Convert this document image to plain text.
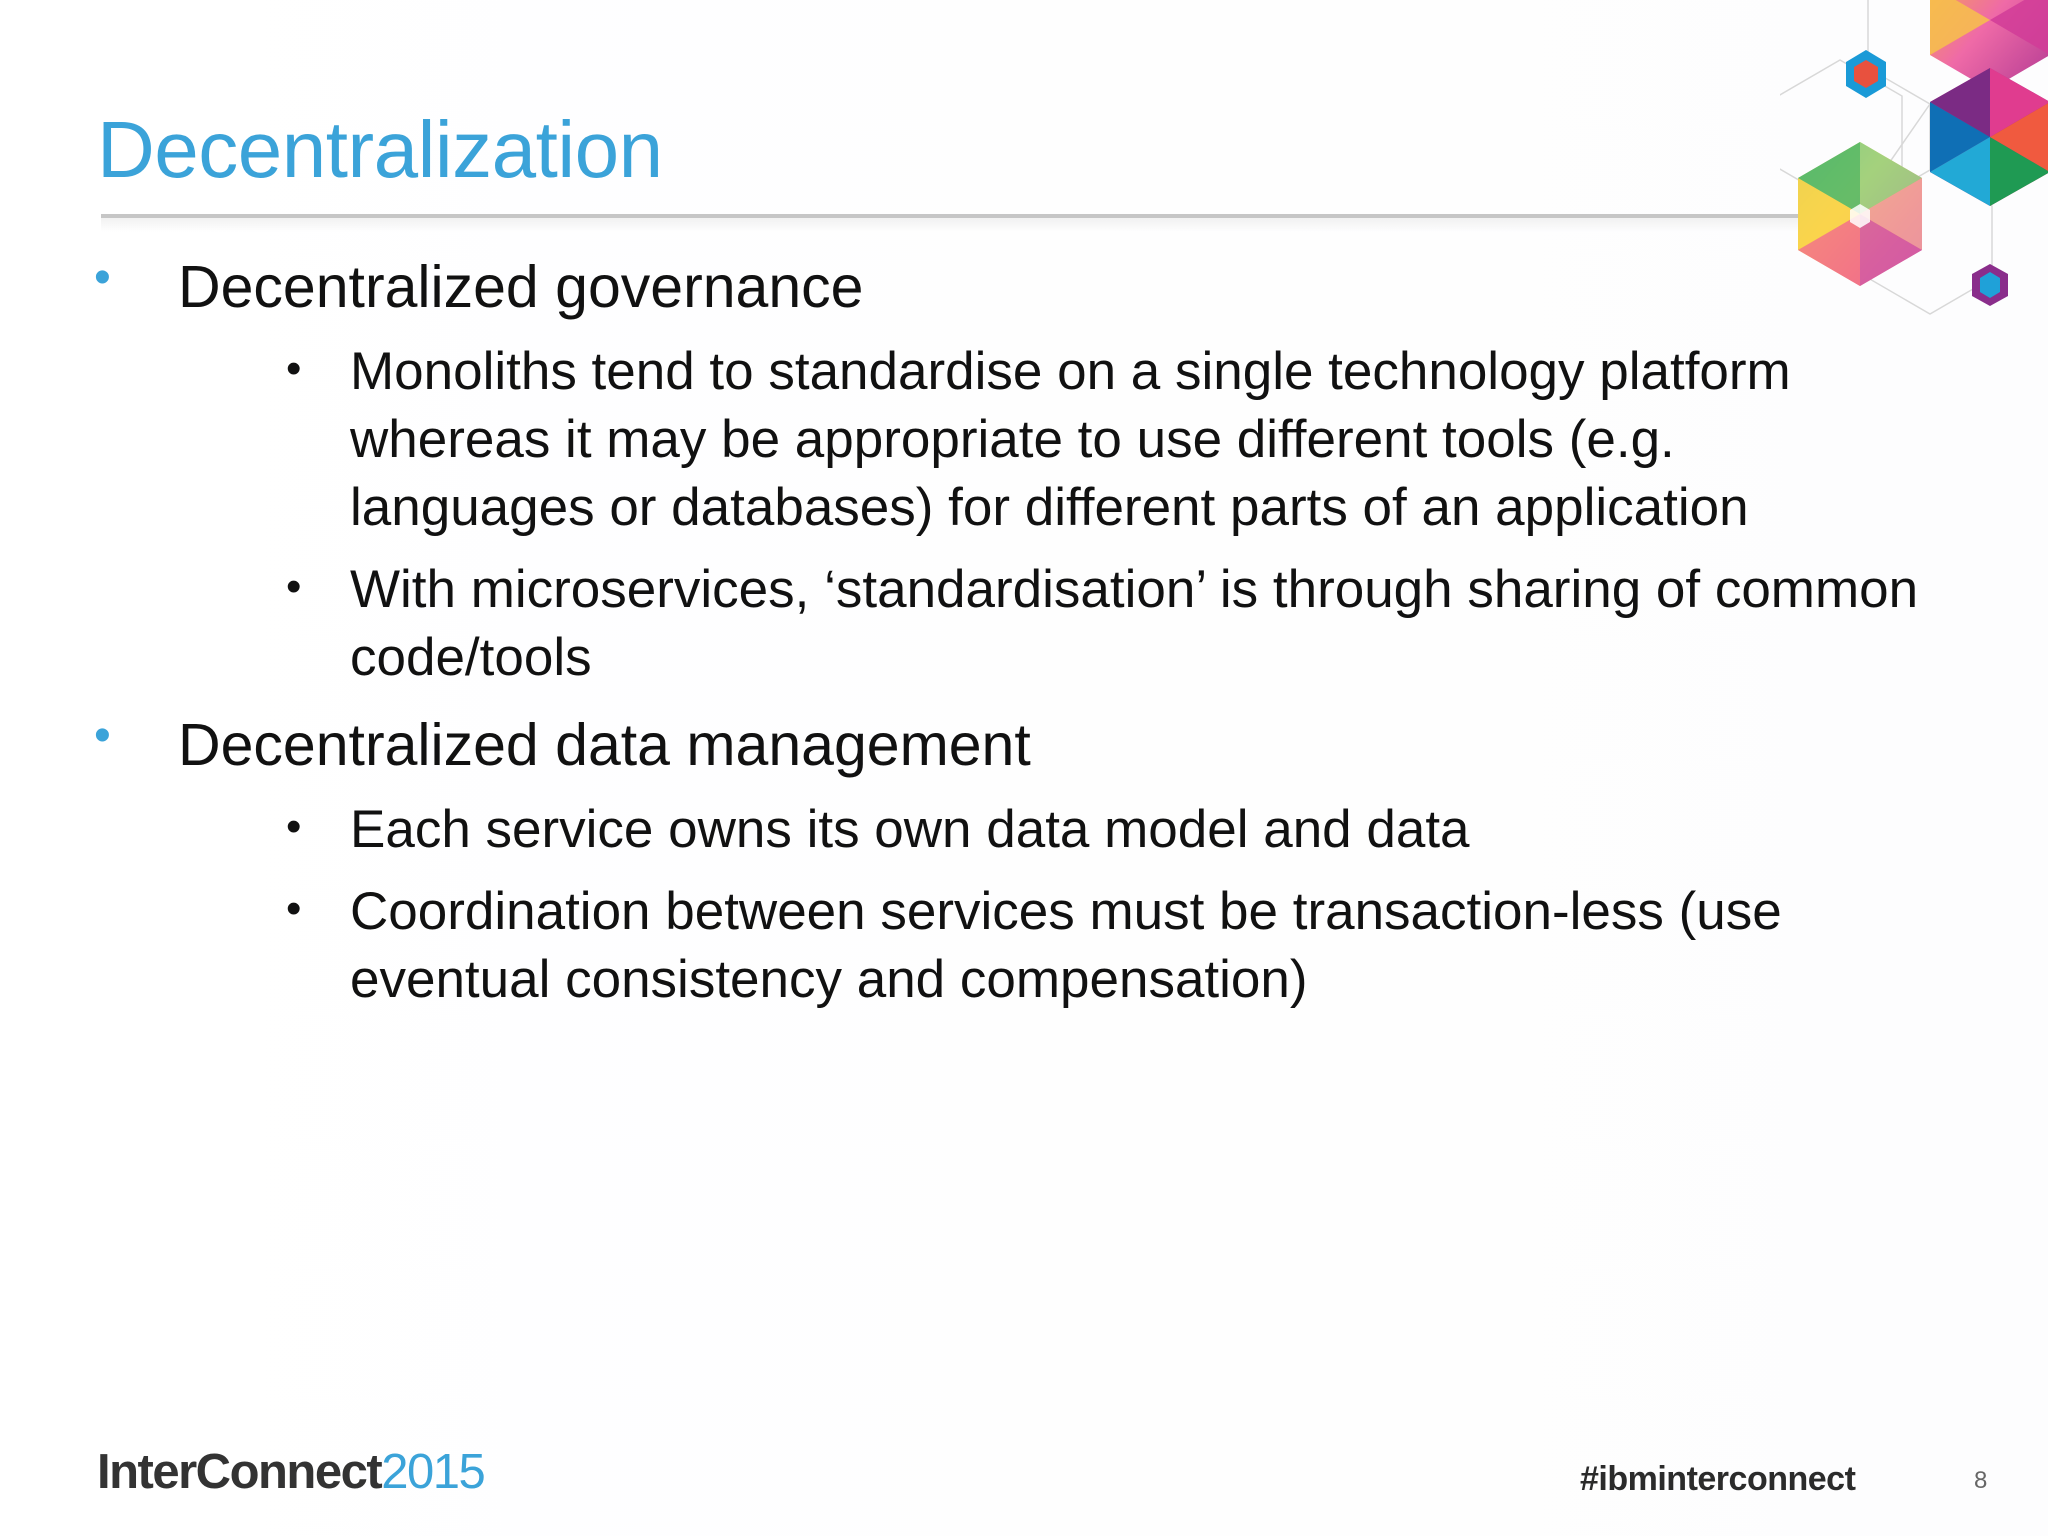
Decentralization
• Decentralized governance
• Monoliths tend to standardise on a single technology platform whereas it may be appropriate to use different tools (e.g. languages or databases) for different parts of an application
• With microservices, ‘standardisation’ is through sharing of common code/tools
• Decentralized data management
• Each service owns its own data model and data
• Coordination between services must be transaction-less (use eventual consistency and compensation)
InterConnect2015	#ibminterconnect	8
